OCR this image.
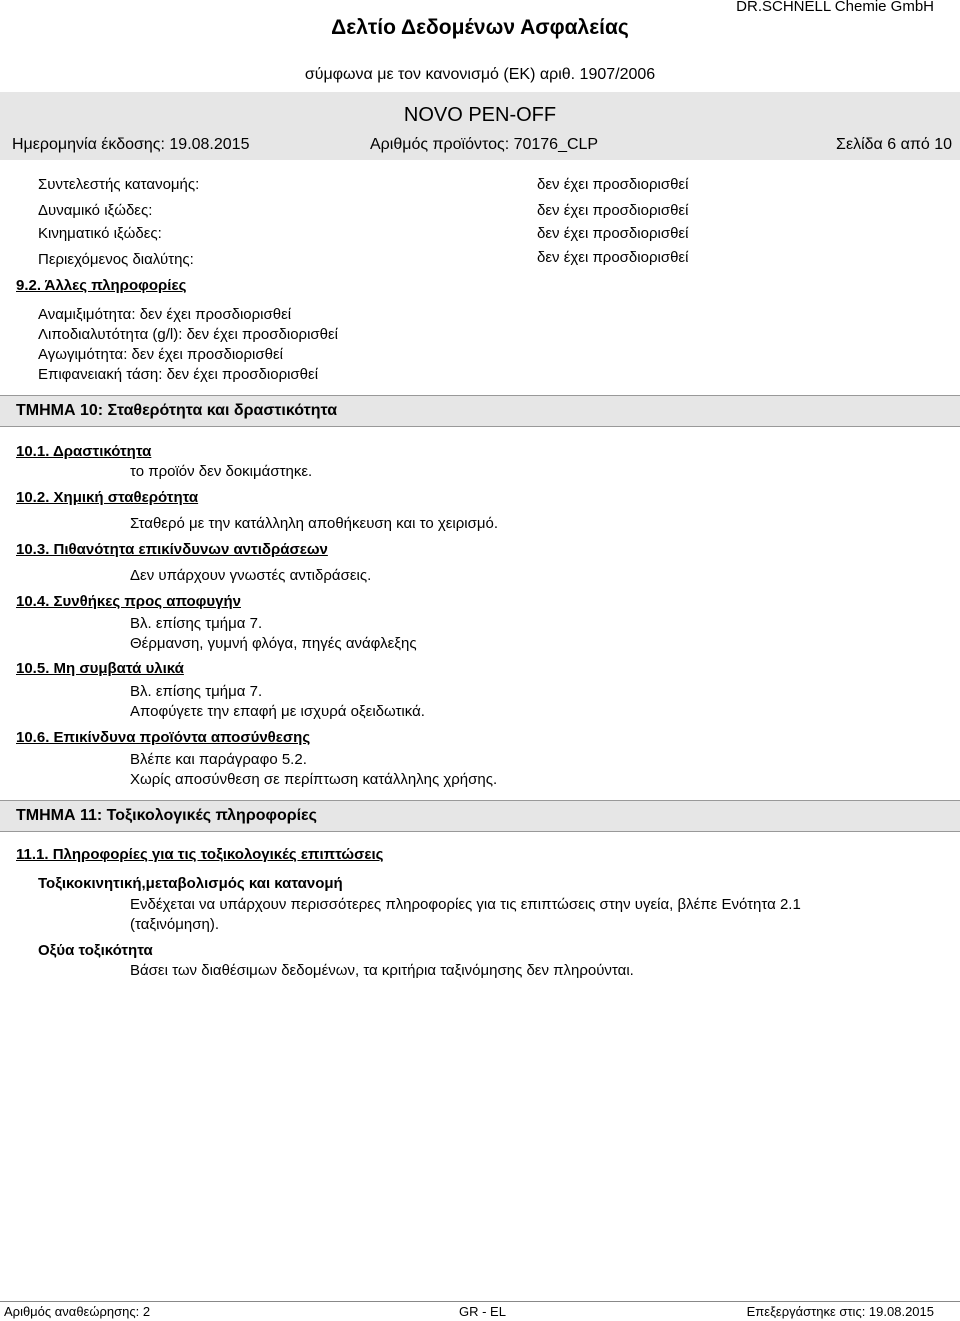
DR.SCHNELL Chemie GmbH
Δελτίο Δεδομένων Ασφαλείας
σύμφωνα με τον κανονισμό (ΕΚ) αριθ. 1907/2006
NOVO PEN-OFF
Ημερομηνία έκδοσης: 19.08.2015	Αριθμός προϊόντος: 70176_CLP	Σελίδα 6 από 10
Συντελεστής κατανομής:	δεν έχει προσδιορισθεί
Δυναμικό ιξώδες:	δεν έχει προσδιορισθεί
Κινηματικό ιξώδες:	δεν έχει προσδιορισθεί
Περιεχόμενος διαλύτης:	δεν έχει προσδιορισθεί
9.2. Άλλες πληροφορίες
Αναμιξιμότητα: δεν έχει προσδιορισθεί
Λιποδιαλυτότητα (g/l): δεν έχει προσδιορισθεί
Αγωγιμότητα: δεν έχει προσδιορισθεί
Επιφανειακή τάση: δεν έχει προσδιορισθεί
ΤΜΗΜΑ 10: Σταθερότητα και δραστικότητα
10.1. Δραστικότητα
το προϊόν δεν δοκιμάστηκε.
10.2. Χημική σταθερότητα
Σταθερό με την κατάλληλη αποθήκευση και το χειρισμό.
10.3. Πιθανότητα επικίνδυνων αντιδράσεων
Δεν υπάρχουν γνωστές αντιδράσεις.
10.4. Συνθήκες προς αποφυγήν
Βλ. επίσης τμήμα 7.
Θέρμανση, γυμνή φλόγα, πηγές ανάφλεξης
10.5. Μη συμβατά υλικά
Βλ. επίσης τμήμα 7.
Αποφύγετε την επαφή με ισχυρά οξειδωτικά.
10.6. Επικίνδυνα προϊόντα αποσύνθεσης
Βλέπε και παράγραφο 5.2.
Χωρίς αποσύνθεση σε περίπτωση κατάλληλης χρήσης.
ΤΜΗΜΑ 11: Τοξικολογικές πληροφορίες
11.1. Πληροφορίες για τις τοξικολογικές επιπτώσεις
Τοξικοκινητική,μεταβολισμός και κατανομή
Ενδέχεται να υπάρχουν περισσότερες πληροφορίες για τις επιπτώσεις στην υγεία, βλέπε Ενότητα 2.1
(ταξινόμηση).
Οξύα τοξικότητα
Βάσει των διαθέσιμων δεδομένων, τα κριτήρια ταξινόμησης δεν πληρούνται.
Αριθμός αναθεώρησης: 2	GR - EL	Επεξεργάστηκε στις: 19.08.2015
